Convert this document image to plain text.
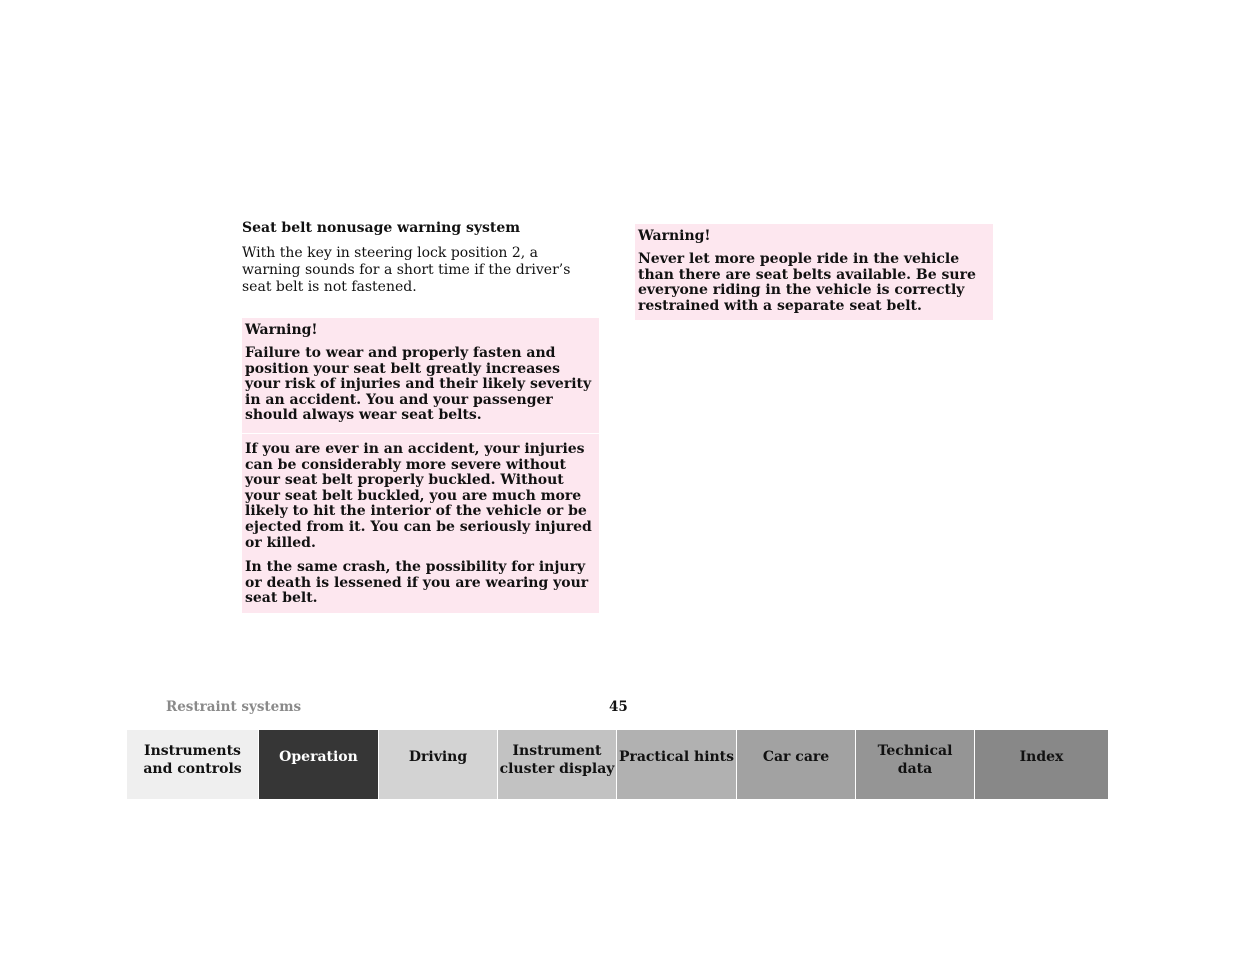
Seat belt nonusage warning system

With the key in steering lock position 2, a warning sounds for a short time if the driver’s seat belt is not fastened.

Warning!

Failure to wear and properly fasten and position your seat belt greatly increases your risk of injuries and their likely severity in an accident. You and your passenger should always wear seat belts.

If you are ever in an accident, your injuries can be considerably more severe without your seat belt properly buckled. Without your seat belt buckled, you are much more likely to hit the interior of the vehicle or be ejected from it. You can be seriously injured or killed.

In the same crash, the possibility for injury or death is lessened if you are wearing your seat belt.

Warning!

Never let more people ride in the vehicle than there are seat belts available. Be sure everyone riding in the vehicle is correctly restrained with a separate seat belt.

Restraint systems	45
Instruments
and controls
Operation	Driving	Instrument
cluster display
Practical hints Car care	Technical
data
Index
